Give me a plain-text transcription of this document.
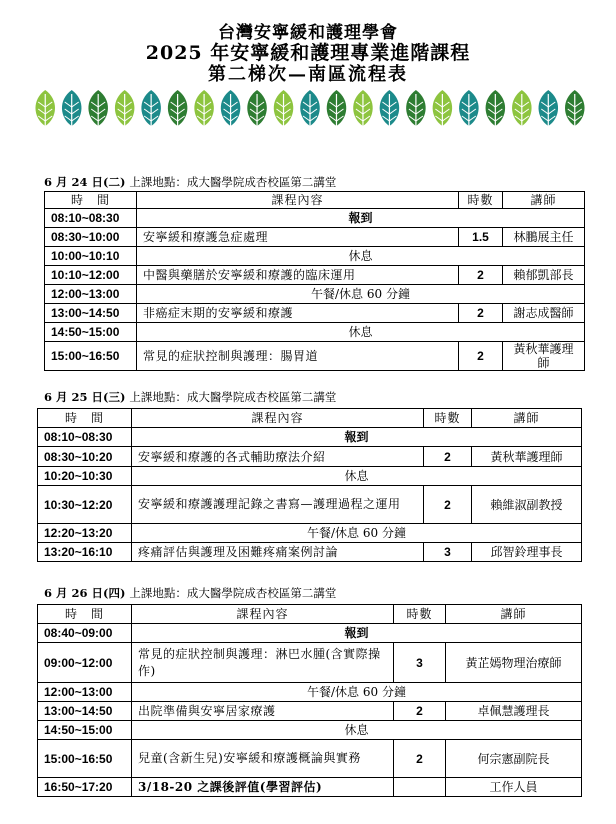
台灣安寧緩和護理學會
2025 年安寧緩和護理專業進階課程
第二梯次—南區流程表
6 月 24 日(二) 上課地點：成大醫學院成杏校區第二講堂
時　間	課程內容	時數	講師
08:10~08:30	報到		
08:30~10:00	安寧緩和療護急症處理	1.5	林鵬展主任
10:00~10:10	休息		
10:10~12:00	中醫與藥膳於安寧緩和療護的臨床運用	2	賴郁凱部長
12:00~13:00	午餐/休息 60 分鐘		
13:00~14:50	非癌症末期的安寧緩和療護	2	謝志成醫師
14:50~15:00	休息		
15:00~16:50	常見的症狀控制與護理：腸胃道	2	黃秋華護理師
6 月 25 日(三) 上課地點：成大醫學院成杏校區第二講堂
時　間	課程內容	時數	講師
08:10~08:30	報到		
08:30~10:20	安寧緩和療護的各式輔助療法介紹	2	黃秋華護理師
10:20~10:30	休息		
10:30~12:20	安寧緩和療護護理記錄之書寫—護理過程之運用	2	賴維淑副教授
12:20~13:20	午餐/休息 60 分鐘		
13:20~16:10	疼痛評估與護理及困難疼痛案例討論	3	邱智鈴理事長
6 月 26 日(四) 上課地點：成大醫學院成杏校區第二講堂
時　間	課程內容	時數	講師
08:40~09:00	報到		
09:00~12:00	常見的症狀控制與護理：淋巴水腫(含實際操作)	3	黃芷嫣物理治療師
12:00~13:00	午餐/休息 60 分鐘		
13:00~14:50	出院準備與安寧居家療護	2	卓佩慧護理長
14:50~15:00	休息		
15:00~16:50	兒童(含新生兒)安寧緩和療護概論與實務	2	何宗憲副院長
16:50~17:20	3/18-20 之課後評值(學習評估)		工作人員
